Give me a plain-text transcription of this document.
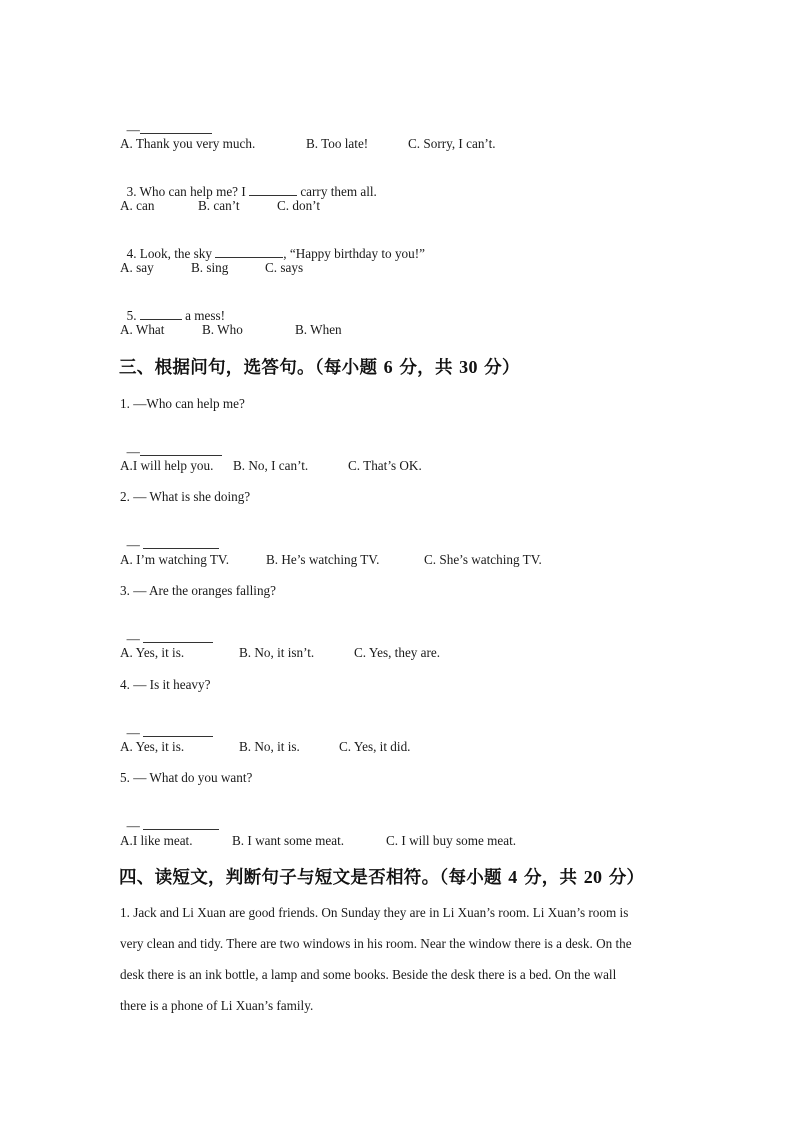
—

A. Thank you very much.	B. Too late!	C. Sorry, I can’t.

3. Who can help me? I	carry them all.

A. can	B. can’t	C. don’t

4. Look, the sky	, “Happy birthday to you!”

A. say	B. sing	C. says

5.	a mess!

A. What	B. Who	B. When
三、根据问句，选答句。（每小题 6 分，共 30 分）
1. —Who can help me?

—

A.I will help you. B. No, I can’t.	C. That’s OK.
2. — What is she doing?

—

A. I’m watching TV.	B. He’s watching TV.	C. She’s watching TV.
3. — Are the oranges falling?

—

A. Yes, it is.	B. No, it isn’t.	C. Yes, they are.
4. — Is it heavy?

—

A. Yes, it is.	B. No, it is.	C. Yes, it did.
5. — What do you want?

—

A.I like meat.	B. I want some meat.	C. I will buy some meat.
四、读短文，判断句子与短文是否相符。（每小题 4 分，共 20 分）
1. Jack and Li Xuan are good friends. On Sunday they are in Li Xuan’s room. Li Xuan’s room is
very clean and tidy. There are two windows in his room. Near the window there is a desk. On the
desk there is an ink bottle, a lamp and some books. Beside the desk there is a bed. On the wall
there is a phone of Li Xuan’s family.
